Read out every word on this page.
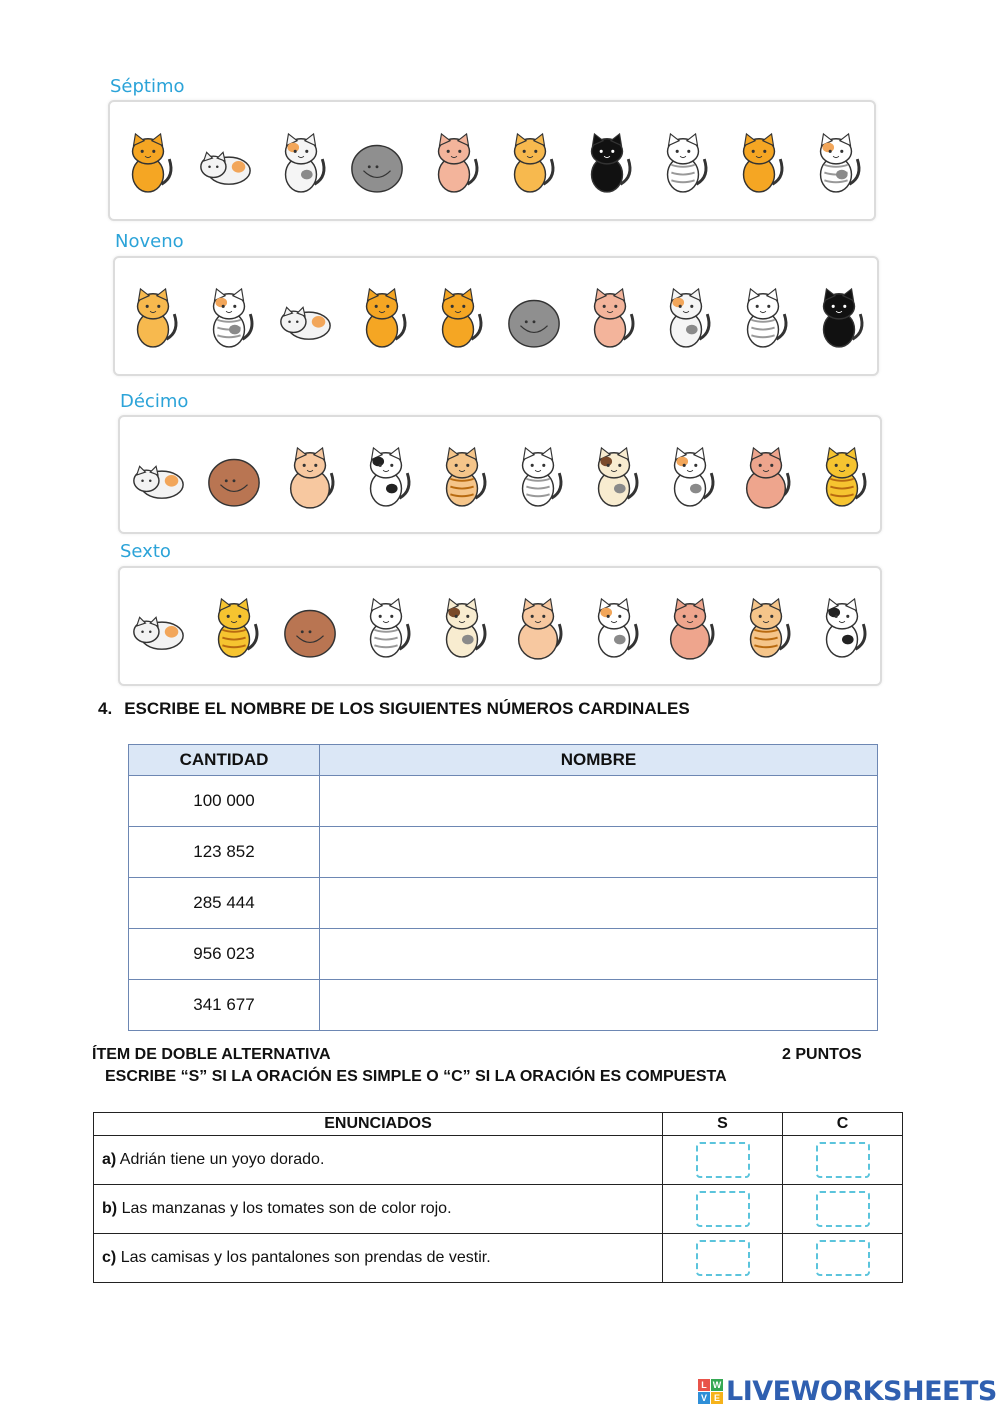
Séptimo
Noveno
Décimo
Sexto
4. ESCRIBE EL NOMBRE DE LOS SIGUIENTES NÚMEROS CARDINALES
CANTIDAD	NOMBRE
100 000	
123 852	
285 444	
956 023	
341 677	
ÍTEM DE DOBLE ALTERNATIVA	2 PUNTOS
ESCRIBE “S” SI LA ORACIÓN ES SIMPLE O “C” SI LA ORACIÓN ES COMPUESTA
ENUNCIADOS	S	C
a) Adrián tiene un yoyo dorado.		
b) Las manzanas y los tomates son de color rojo.		
c) Las camisas y los pantalones son prendas de vestir.		
L W
V E LIVEWORKSHEETS
